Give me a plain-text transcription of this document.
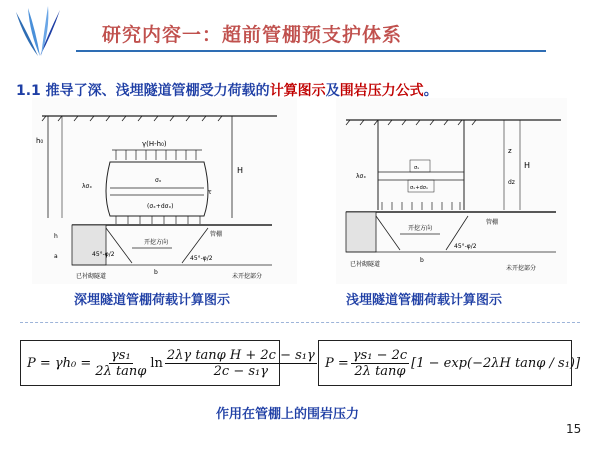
研究内容一：超前管棚预支护体系
1.1 推导了深、浅埋隧道管棚受力荷载的计算图示及围岩压力公式。
h₀
H
γ(H-h₀)
σₓ
(σₓ+dσₓ)
λσₓ
τ
管棚
开挖方向
45°-φ/2
45°-φ/2
已衬砌隧道	未开挖部分
b
h
a
z
dz
H
σₓ
σₓ+dσₓ
λσₓ
管棚
开挖方向
45°-φ/2
已衬砌隧道
未开挖部分
b
深埋隧道管棚荷载计算图示	浅埋隧道管棚荷载计算图示
$P = \gamma h_0 = \frac{\text{γs₁}}{\text{2λ tanφ}}$ $\ln \frac{\text{2λγ tanφ H + 2c − s₁γ}}{\text{2c − s₁γ}}$ $P = \frac{\text{γs₁ − 2c}}{\text{2λ tanφ}} [1 - \exp(-2\lambda H$ tanφ / s₁)]
作用在管棚上的围岩压力
15
